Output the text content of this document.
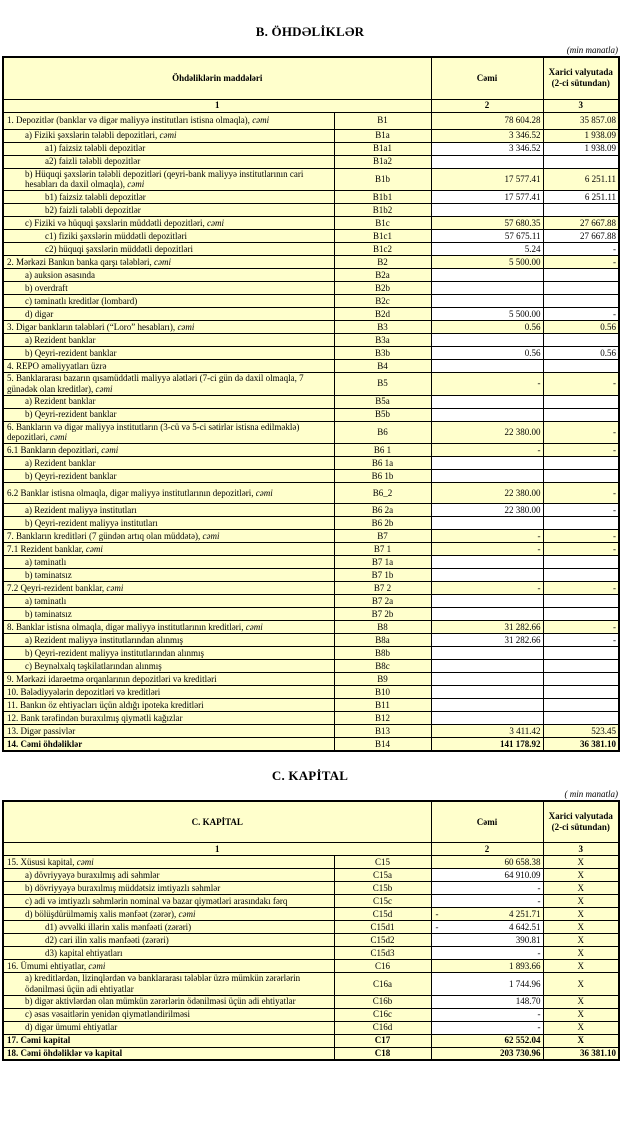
B. ÖHDƏLİKLƏR
(min manatla)
Öhdəliklərin maddələri		Cəmi	Xarici valyutada (2-ci sütundan)
1		2	3
1. Depozitlər (banklar və digər maliyyə institutları istisna olmaqla), cəmi	B1	78 604.28	35 857.08
a) Fiziki şəxslərin tələbli depozitləri, cəmi	B1a	3 346.52	1 938.09
a1) faizsiz tələbli depozitlər	B1a1	3 346.52	1 938.09
a2) faizli tələbli depozitlər	B1a2		
b) Hüquqi şəxslərin tələbli depozitləri (qeyri-bank maliyyə institutlarının cari hesabları da daxil olmaqla), cəmi	B1b	17 577.41	6 251.11
b1) faizsiz tələbli depozitlər	B1b1	17 577.41	6 251.11
b2) faizli tələbli depozitlər	B1b2		
c) Fiziki və hüquqi şəxslərin müddətli depozitləri, cəmi	B1c	57 680.35	27 667.88
c1) fiziki şəxslərin müddətli depozitləri	B1c1	57 675.11	27 667.88
c2) hüquqi şəxslərin müddətli depozitləri	B1c2	5.24	-
2. Mərkəzi Bankın banka qarşı tələbləri, cəmi	B2	5 500.00	-
a) auksion əsasında	B2a		
b) overdraft	B2b		
c) təminatlı kreditlər (lombard)	B2c		
d) digər	B2d	5 500.00	-
3. Digər bankların tələbləri (“Loro” hesabları), cəmi	B3	0.56	0.56
a) Rezident banklar	B3a		
b) Qeyri-rezident banklar	B3b	0.56	0.56
4. REPO əməliyyatları üzrə	B4		
5. Banklararası bazarın qısamüddətli maliyyə alətləri (7-ci gün də daxil olmaqla, 7 günədək olan kreditlər), cəmi	B5	-	-
a) Rezident banklar	B5a		
b) Qeyri-rezident banklar	B5b		
6. Bankların və digər maliyyə institutların (3-cü və 5-ci sətirlər istisna edilməklə) depozitləri, cəmi	B6	22 380.00	-
6.1 Bankların depozitləri, cəmi	B6 1	-	-
a) Rezident banklar	B6 1a		
b) Qeyri-rezident banklar	B6 1b		
6.2 Banklar istisna olmaqla, digər maliyyə institutlarının depozitləri, cəmi	B6_2	22 380.00	-
a) Rezident maliyyə institutları	B6 2a	22 380.00	-
b) Qeyri-rezident maliyyə institutları	B6 2b		
7. Bankların kreditləri (7 gündən artıq olan müddətə), cəmi	B7	-	-
7.1 Rezident banklar, cəmi	B7 1	-	-
a) təminatlı	B7 1a		
b) təminatsız	B7 1b		
7.2 Qeyri-rezident banklar, cəmi	B7 2	-	-
a) təminatlı	B7 2a		
b) təminatsız	B7 2b		
8. Banklar istisna olmaqla, digər maliyyə institutlarının kreditləri, cəmi	B8	31 282.66	-
a) Rezident maliyyə institutlarından alınmış	B8a	31 282.66	-
b) Qeyri-rezident maliyyə institutlarından alınmış	B8b		
c) Beynəlxalq təşkilatlarından alınmış	B8c		
9. Mərkəzi idarəetmə orqanlarının depozitləri və kreditləri	B9		
10. Bələdiyyələrin depozitləri və kreditləri	B10		
11. Bankın öz ehtiyacları üçün aldığı ipoteka kreditləri	B11		
12. Bank tərəfindən buraxılmış qiymətli kağızlar	B12		
13. Digər passivlər	B13	3 411.42	523.45
14. Cəmi öhdəliklər	B14	141 178.92	36 381.10
C. KAPİTAL
( min manatla)
C. KAPİTAL		Cəmi	Xarici valyutada (2-ci sütundan)
1		2	3
15. Xüsusi kapital, cəmi	C15	60 658.38	X
a) dövriyyəyə buraxılmış adi səhmlər	C15a	64 910.09	X
b) dövriyyəyə buraxılmış müddətsiz imtiyazlı səhmlər	C15b	-	X
c) adi və imtiyazlı səhmlərin nominal və bazar qiymətləri arasındakı fərq	C15c	-	X
d) bölüşdürülməmiş xalis mənfəət (zərər), cəmi	C15d	- 4 251.71	X
d1) əvvəlki illərin xalis mənfəəti (zərəri)	C15d1	- 4 642.51	X
d2) cari ilin xalis mənfəəti (zərəri)	C15d2	390.81	X
d3) kapital ehtiyatları	C15d3	-	X
16. Ümumi ehtiyatlar, cəmi	C16	1 893.66	X
a) kreditlərdən, lizinqlərdən və banklararası tələblər üzrə mümkün zərərlərin ödənilməsi üçün adi ehtiyatlar	C16a	1 744.96	X
b) digər aktivlərdən olan mümkün zərərlərin ödənilməsi üçün adi ehtiyatlar	C16b	148.70	X
c) əsas vəsaitlərin yenidən qiymətləndirilməsi	C16c	-	X
d) digər ümumi ehtiyatlar	C16d	-	X
17. Cəmi kapital	C17	62 552.04	X
18. Cəmi öhdəliklər və kapital	C18	203 730.96	36 381.10
